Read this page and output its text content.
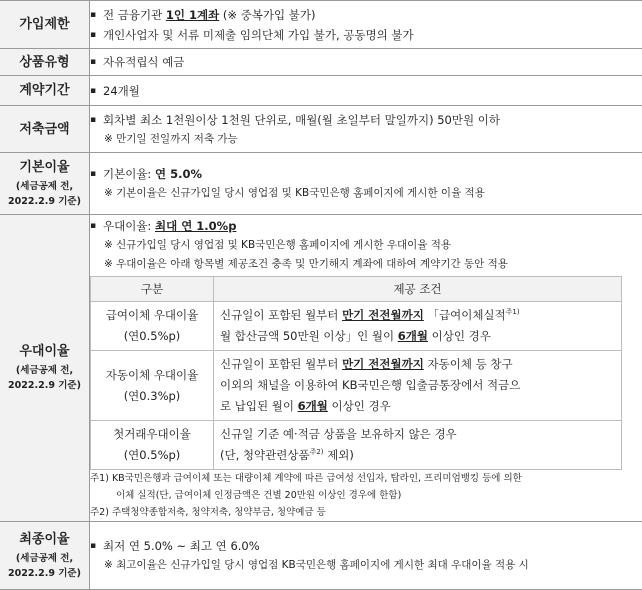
가입제한	
▪ 전 금융기관 1인 1계좌 (※ 중복가입 불가)
▪ 개인사업자 및 서류 미제출 임의단체 가입 불가, 공동명의 불가

상품유형	▪ 자유적립식 예금

계약기간	▪ 24개월

저축금액	
▪ 회차별 최소 1천원이상 1천원 단위로, 매월(월 초일부터 말일까지) 50만원 이하
※ 만기일 전일까지 저축 가능

기본이율
(세금공제 전,
2022.2.9 기준)

▪ 기본이율: 연 5.0%
※ 기본이율은 신규가입일 당시 영업점 및 KB국민은행 홈페이지에 게시한 이율 적용

우대이율
(세금공제 전,
2022.2.9 기준)

▪ 우대이율: 최대 연 1.0%p
※ 신규가입일 당시 영업점 및 KB국민은행 홈페이지에 게시한 우대이율 적용
※ 우대이율은 아래 항목별 제공조건 충족 및 만기해지 계좌에 대하여 계약기간 동안 적용
구분	제공 조건
급여이체 우대이율
(연0.5%p)	신규일이 포함된 월부터 만기 전전월까지 「급여이체실적$^{주1)}$
월 합산금액 50만원 이상」인 월이 6개월 이상인 경우
자동이체 우대이율
(연0.3%p)	신규일이 포함된 월부터 만기 전전월까지 자동이체 등 창구
이외의 채널을 이용하여 KB국민은행 입출금통장에서 적금으
로 납입된 월이 6개월 이상인 경우
첫거래우대이율
(연0.5%p)	신규일 기준 예·적금 상품을 보유하지 않은 경우
(단, 청약관련상품$^{주2)}$ 제외)
주1) KB국민은행과 급여이체 또는 대량이체 계약에 따른 급여성 선입자, 탑라인, 프리미엄뱅킹 등에 의한
이체 실적(단, 급여이체 인정금액은 건별 20만원 이상인 경우에 한함)
주2) 주택청약종합저축, 청약저축, 청약부금, 청약예금 등

최종이율
(세금공제 전,
2022.2.9 기준)

▪ 최저 연 5.0% ~ 최고 연 6.0%
※ 최고이율은 신규가입일 당시 영업점 KB국민은행 홈페이지에 게시한 최대 우대이율 적용 시
